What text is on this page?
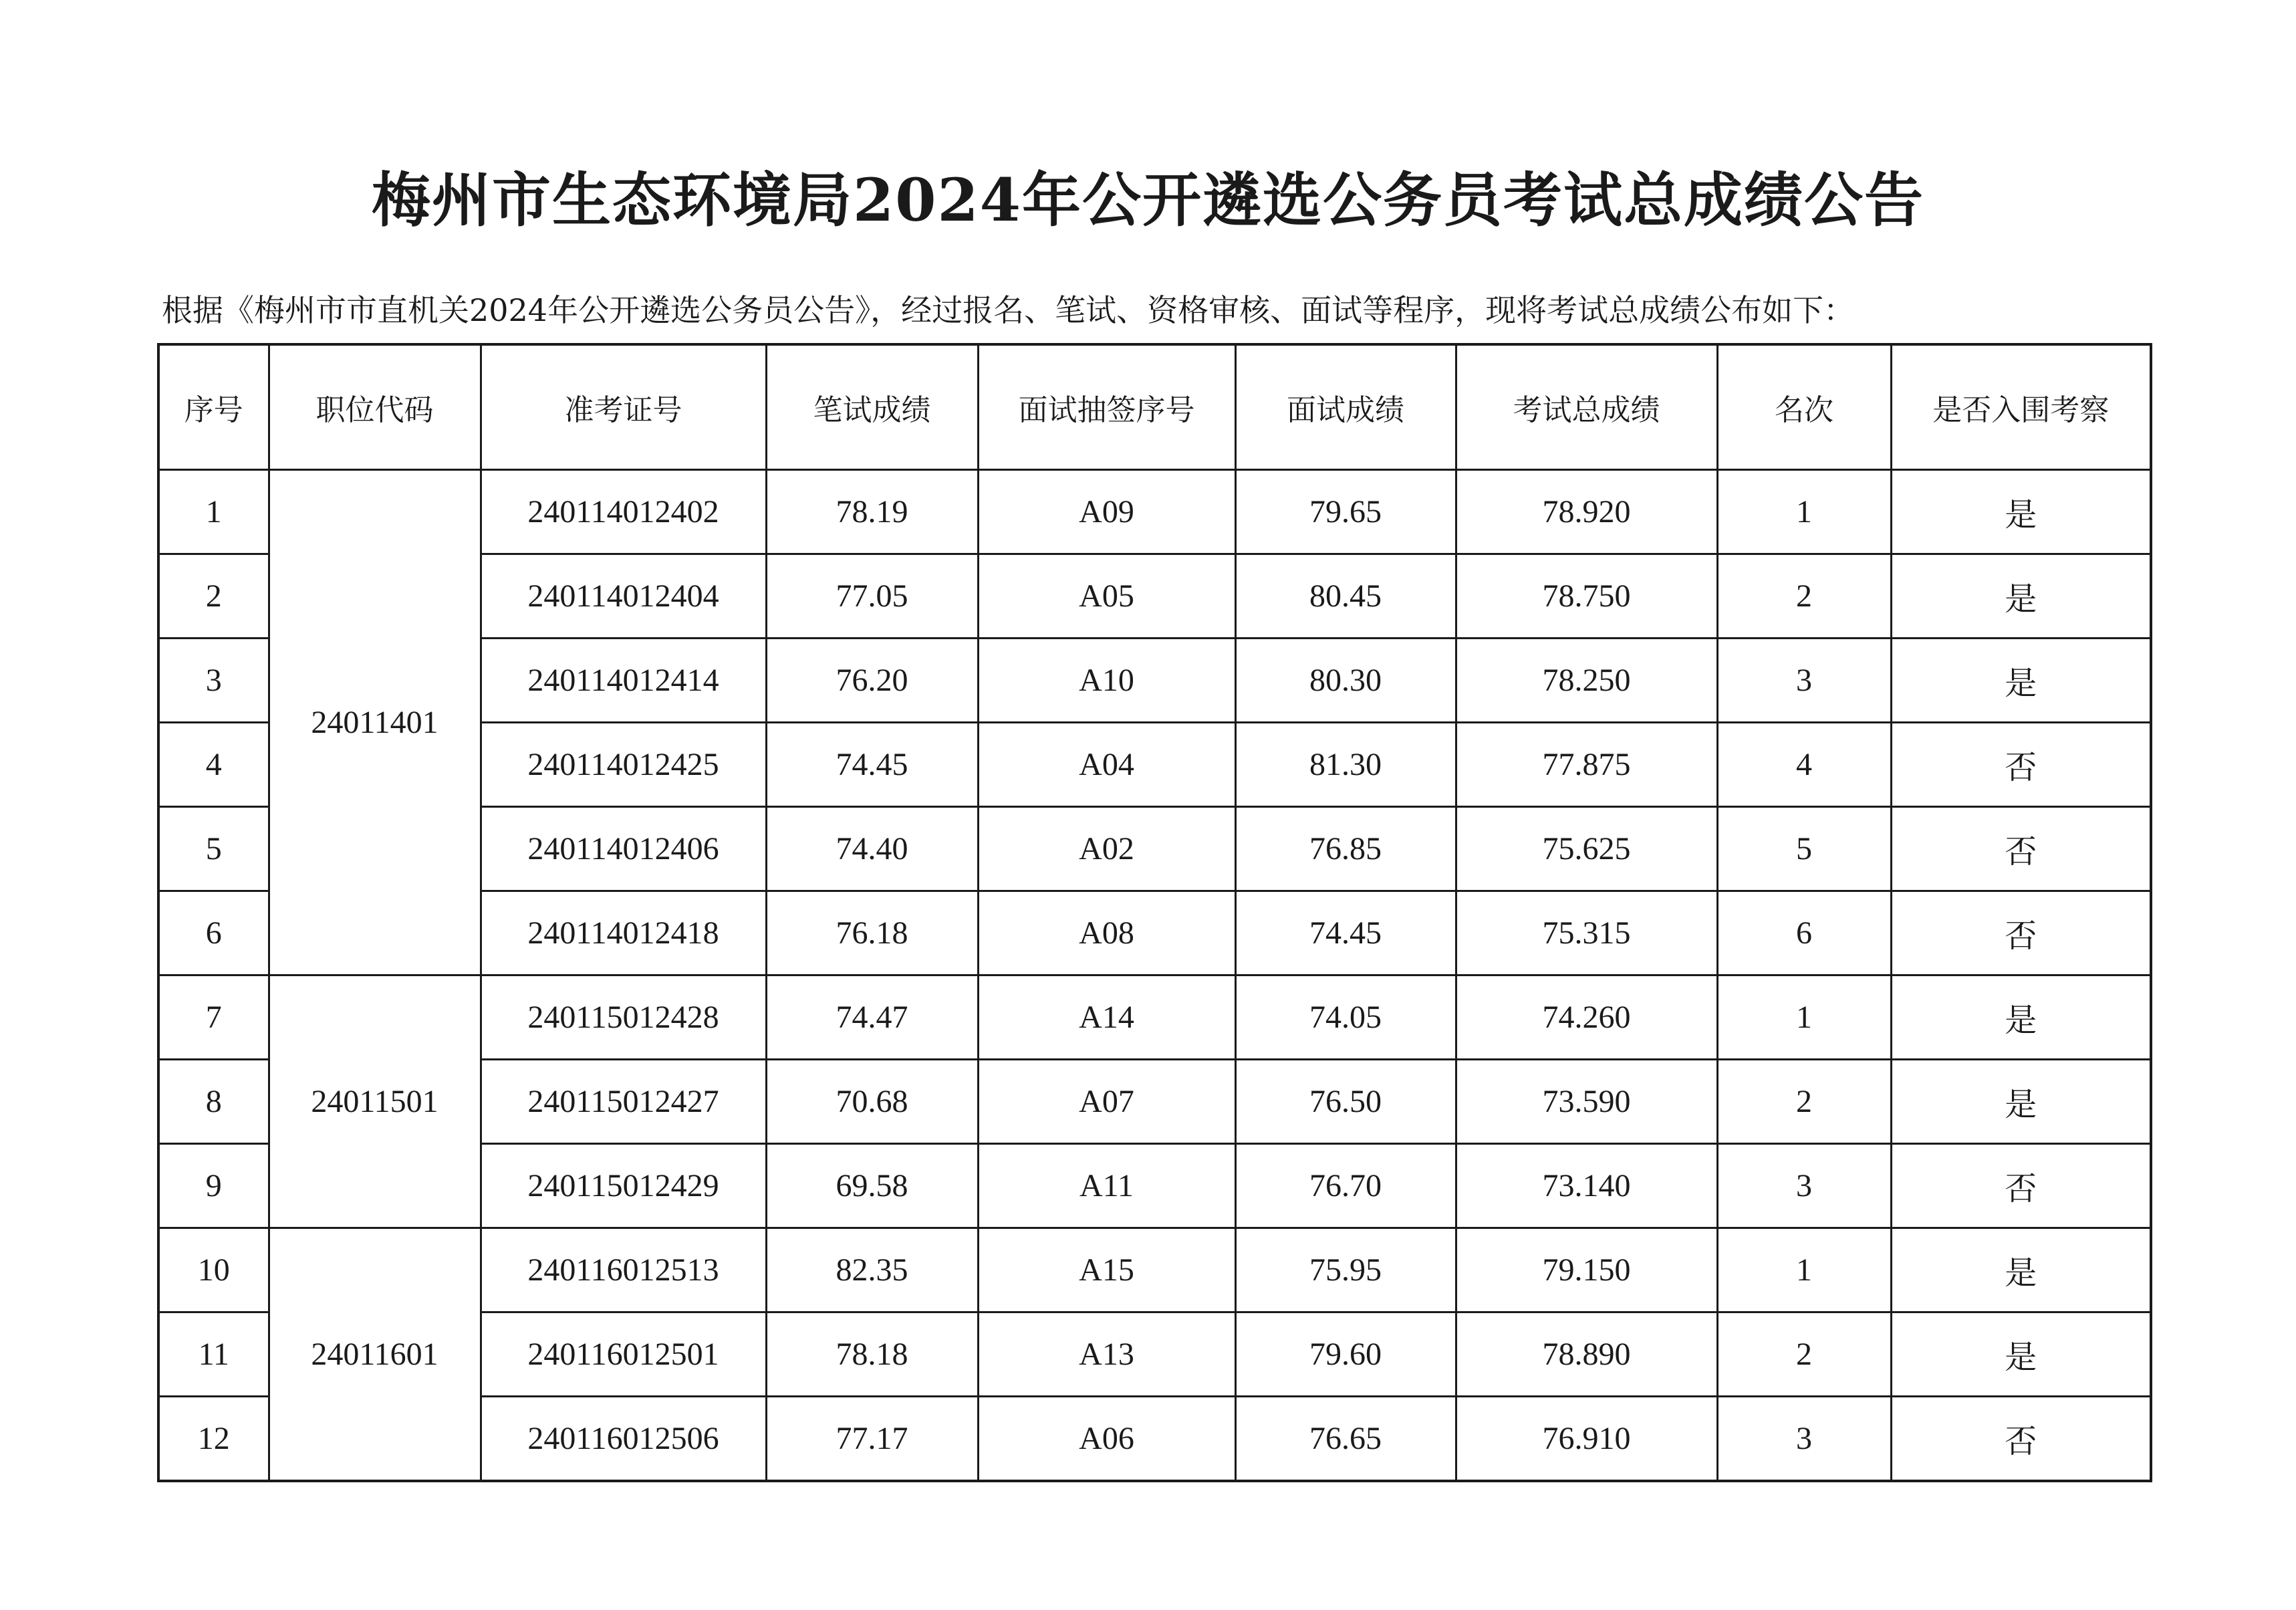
梅州市生态环境局2024年公开遴选公务员考试总成绩公告
根据《梅州市市直机关2024年公开遴选公务员公告》，经过报名、笔试、资格审核、面试等程序，现将考试总成绩公布如下：
序号	职位代码	准考证号	笔试成绩	面试抽签序号	面试成绩	考试总成绩	名次	是否入围考察
1	24011401	240114012402	78.19	A09	79.65	78.920	1	是
2		240114012404	77.05	A05	80.45	78.750	2	是
3		240114012414	76.20	A10	80.30	78.250	3	是
4		240114012425	74.45	A04	81.30	77.875	4	否
5		240114012406	74.40	A02	76.85	75.625	5	否
6		240114012418	76.18	A08	74.45	75.315	6	否
7	24011501	240115012428	74.47	A14	74.05	74.260	1	是
8		240115012427	70.68	A07	76.50	73.590	2	是
9		240115012429	69.58	A11	76.70	73.140	3	否
10	24011601	240116012513	82.35	A15	75.95	79.150	1	是
11		240116012501	78.18	A13	79.60	78.890	2	是
12		240116012506	77.17	A06	76.65	76.910	3	否
